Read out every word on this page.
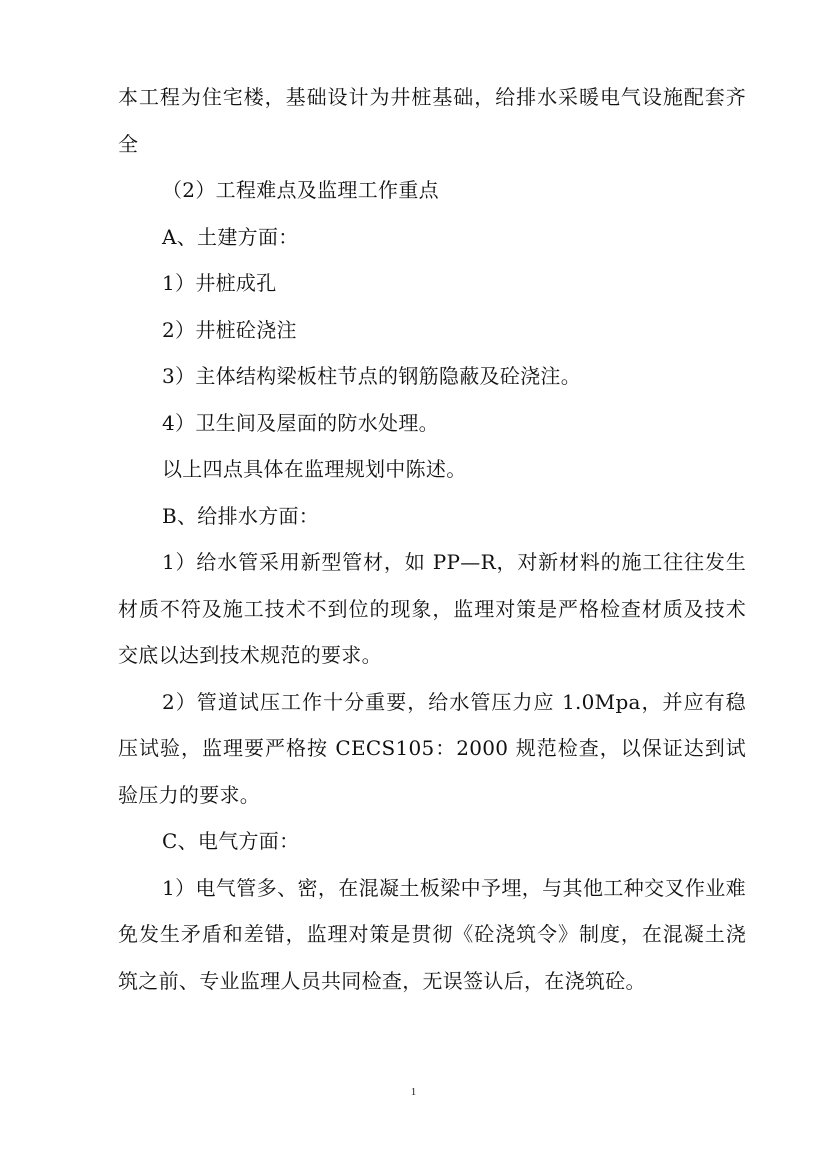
本工程为住宅楼，基础设计为井桩基础，给排水采暖电气设施配套齐全

（2）工程难点及监理工作重点

A、土建方面：

1）井桩成孔

2）井桩砼浇注

3）主体结构梁板柱节点的钢筋隐蔽及砼浇注。

4）卫生间及屋面的防水处理。

以上四点具体在监理规划中陈述。

B、给排水方面：

1）给水管采用新型管材，如 PP—R，对新材料的施工往往发生材质不符及施工技术不到位的现象，监理对策是严格检查材质及技术交底以达到技术规范的要求。

2）管道试压工作十分重要，给水管压力应 1.0Mpa，并应有稳压试验，监理要严格按 CECS105：2000 规范检查，以保证达到试验压力的要求。

C、电气方面：

1）电气管多、密，在混凝土板梁中予埋，与其他工种交叉作业难免发生矛盾和差错，监理对策是贯彻《砼浇筑令》制度，在混凝土浇筑之前、专业监理人员共同检查，无误签认后，在浇筑砼。

1
